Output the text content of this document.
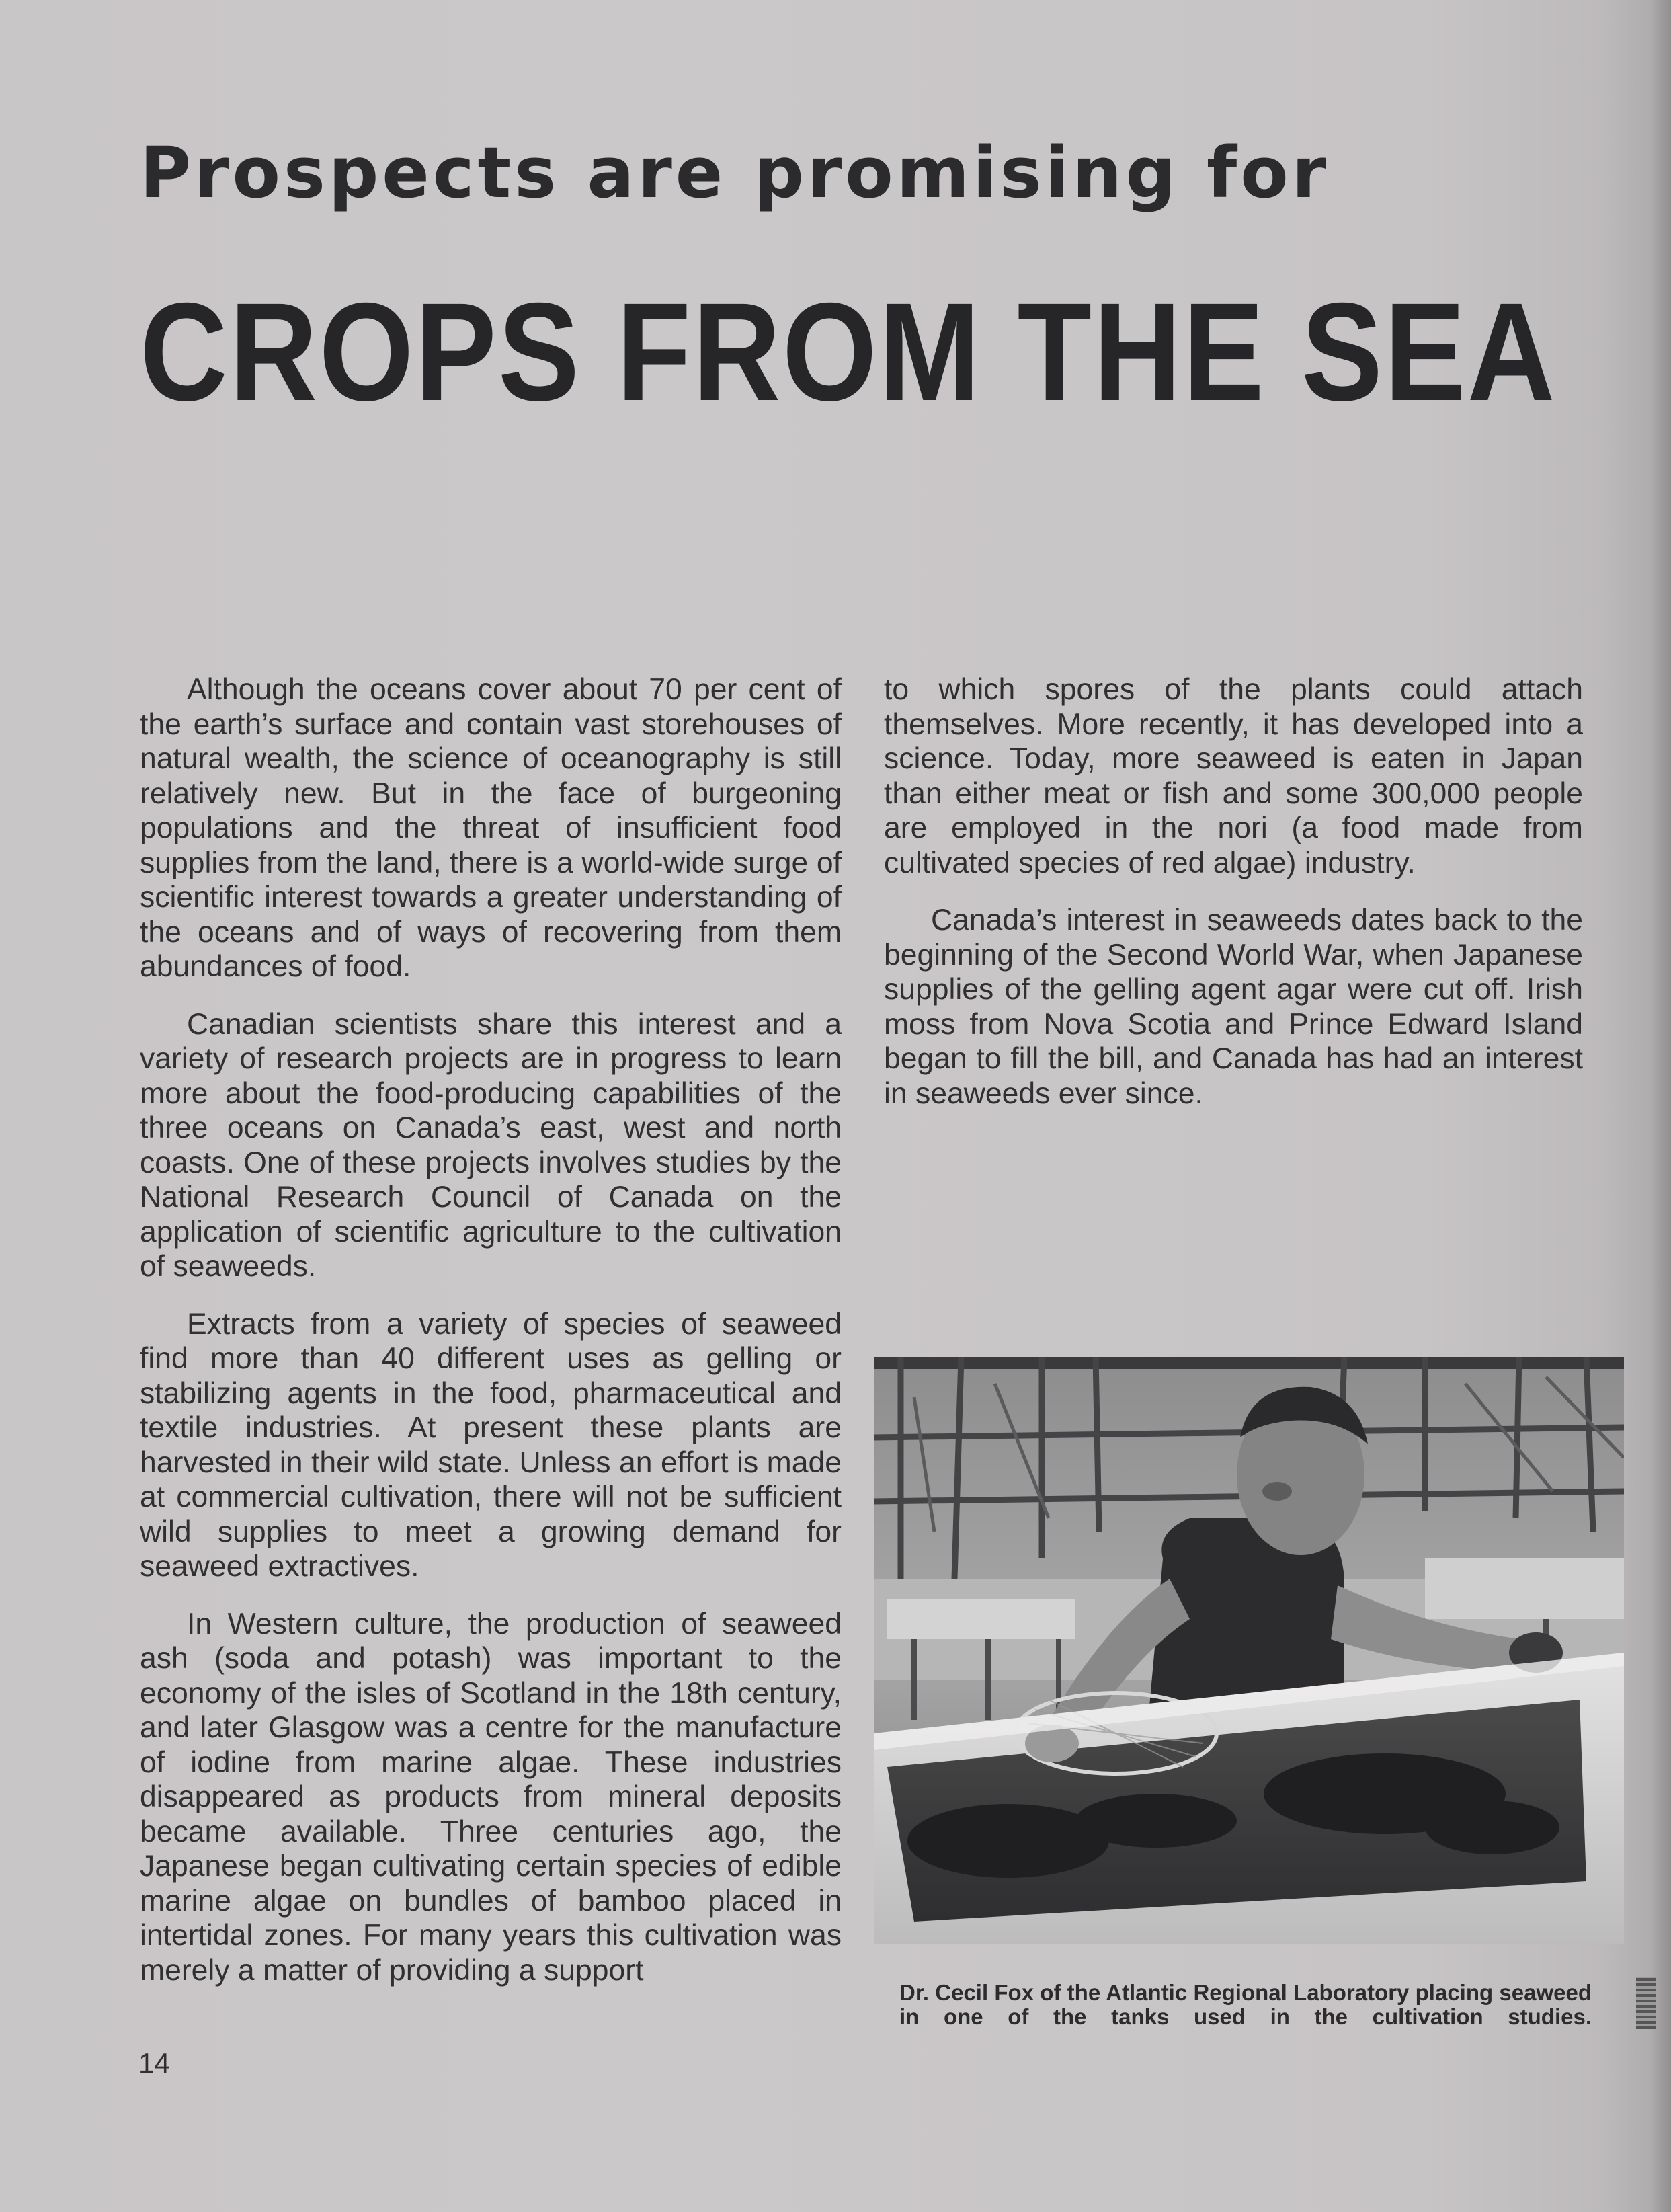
Prospects are promising for
CROPS FROM THE SEA

Although the oceans cover about 70 per cent of the earth’s surface and contain vast storehouses of natural wealth, the science of oceanography is still relatively new. But in the face of burgeoning populations and the threat of insufficient food supplies from the land, there is a world-wide surge of scientific interest towards a greater understanding of the oceans and of ways of recovering from them abundances of food.

Canadian scientists share this interest and a variety of research projects are in progress to learn more about the food-producing capabilities of the three oceans on Canada’s east, west and north coasts. One of these projects involves studies by the National Research Council of Canada on the application of scientific agriculture to the cultivation of seaweeds.

Extracts from a variety of species of seaweed find more than 40 different uses as gelling or stabilizing agents in the food, pharmaceutical and textile industries. At present these plants are harvested in their wild state. Unless an effort is made at commercial cultivation, there will not be sufficient wild supplies to meet a growing demand for seaweed extractives.

In Western culture, the production of seaweed ash (soda and potash) was important to the economy of the isles of Scotland in the 18th century, and later Glasgow was a centre for the manufacture of iodine from marine algae. These industries disappeared as products from mineral deposits became available. Three centuries ago, the Japanese began cultivating certain species of edible marine algae on bundles of bamboo placed in intertidal zones. For many years this cultivation was merely a matter of providing a support

to which spores of the plants could attach themselves. More recently, it has developed into a science. Today, more seaweed is eaten in Japan than either meat or fish and some 300,000 people are employed in the nori (a food made from cultivated species of red algae) industry.

Canada’s interest in seaweeds dates back to the beginning of the Second World War, when Japanese supplies of the gelling agent agar were cut off. Irish moss from Nova Scotia and Prince Edward Island began to fill the bill, and Canada has had an interest in seaweeds ever since.

Dr. Cecil Fox of the Atlantic Regional Laboratory placing seaweed in one of the tanks used in the cultivation studies.
14
